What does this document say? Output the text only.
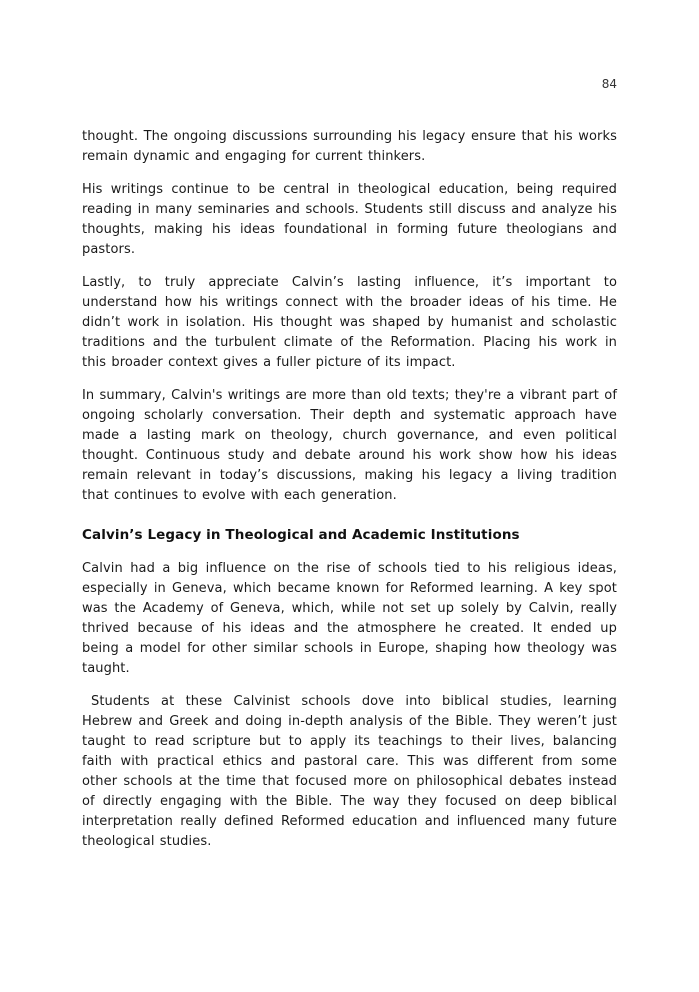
84

thought. The ongoing discussions surrounding his legacy ensure that his works remain dynamic and engaging for current thinkers.

His writings continue to be central in theological education, being required reading in many seminaries and schools. Students still discuss and analyze his thoughts, making his ideas foundational in forming future theologians and pastors.

Lastly, to truly appreciate Calvin’s lasting influence, it’s important to understand how his writings connect with the broader ideas of his time. He didn’t work in isolation. His thought was shaped by humanist and scholastic traditions and the turbulent climate of the Reformation. Placing his work in this broader context gives a fuller picture of its impact.

In summary, Calvin's writings are more than old texts; they're a vibrant part of ongoing scholarly conversation. Their depth and systematic approach have made a lasting mark on theology, church governance, and even political thought. Continuous study and debate around his work show how his ideas remain relevant in today’s discussions, making his legacy a living tradition that continues to evolve with each generation.

Calvin’s Legacy in Theological and Academic Institutions

Calvin had a big influence on the rise of schools tied to his religious ideas, especially in Geneva, which became known for Reformed learning. A key spot was the Academy of Geneva, which, while not set up solely by Calvin, really thrived because of his ideas and the atmosphere he created. It ended up being a model for other similar schools in Europe, shaping how theology was taught.

Students at these Calvinist schools dove into biblical studies, learning Hebrew and Greek and doing in-depth analysis of the Bible. They weren’t just taught to read scripture but to apply its teachings to their lives, balancing faith with practical ethics and pastoral care. This was different from some other schools at the time that focused more on philosophical debates instead of directly engaging with the Bible. The way they focused on deep biblical interpretation really defined Reformed education and influenced many future theological studies.
